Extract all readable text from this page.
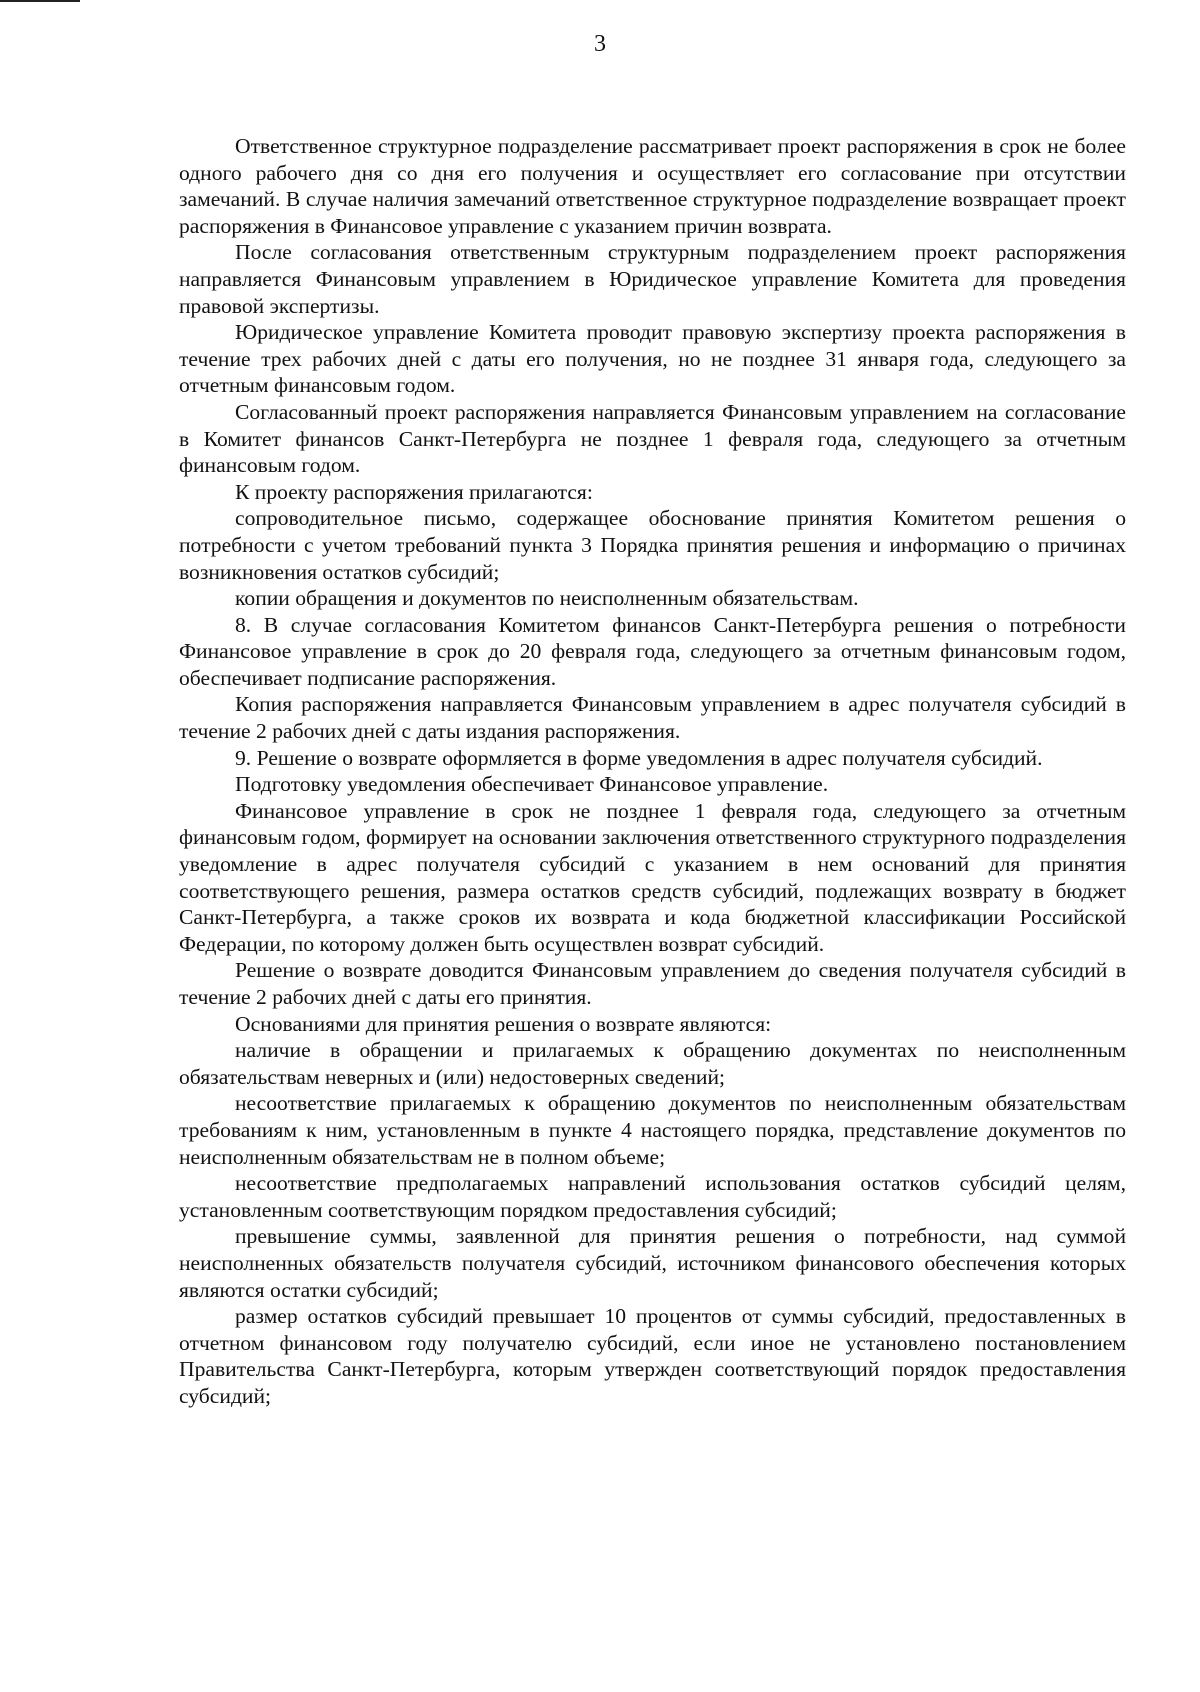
3

Ответственное структурное подразделение рассматривает проект распоряжения в срок не более одного рабочего дня со дня его получения и осуществляет его согласование при отсутствии замечаний. В случае наличия замечаний ответственное структурное подразделение возвращает проект распоряжения в Финансовое управление с указанием причин возврата.

После согласования ответственным структурным подразделением проект распоряжения направляется Финансовым управлением в Юридическое управление Комитета для проведения правовой экспертизы.

Юридическое управление Комитета проводит правовую экспертизу проекта распоряжения в течение трех рабочих дней с даты его получения, но не позднее 31 января года, следующего за отчетным финансовым годом.

Согласованный проект распоряжения направляется Финансовым управлением на согласование в Комитет финансов Санкт-Петербурга не позднее 1 февраля года, следующего за отчетным финансовым годом.

К проекту распоряжения прилагаются:

сопроводительное письмо, содержащее обоснование принятия Комитетом решения о потребности с учетом требований пункта 3 Порядка принятия решения и информацию о причинах возникновения остатков субсидий;

копии обращения и документов по неисполненным обязательствам.

8. В случае согласования Комитетом финансов Санкт-Петербурга решения о потребности Финансовое управление в срок до 20 февраля года, следующего за отчетным финансовым годом, обеспечивает подписание распоряжения.

Копия распоряжения направляется Финансовым управлением в адрес получателя субсидий в течение 2 рабочих дней с даты издания распоряжения.

9. Решение о возврате оформляется в форме уведомления в адрес получателя субсидий.

Подготовку уведомления обеспечивает Финансовое управление.

Финансовое управление в срок не позднее 1 февраля года, следующего за отчетным финансовым годом, формирует на основании заключения ответственного структурного подразделения уведомление в адрес получателя субсидий с указанием в нем оснований для принятия соответствующего решения, размера остатков средств субсидий, подлежащих возврату в бюджет Санкт-Петербурга, а также сроков их возврата и кода бюджетной классификации Российской Федерации, по которому должен быть осуществлен возврат субсидий.

Решение о возврате доводится Финансовым управлением до сведения получателя субсидий в течение 2 рабочих дней с даты его принятия.

Основаниями для принятия решения о возврате являются:

наличие в обращении и прилагаемых к обращению документах по неисполненным обязательствам неверных и (или) недостоверных сведений;

несоответствие прилагаемых к обращению документов по неисполненным обязательствам требованиям к ним, установленным в пункте 4 настоящего порядка, представление документов по неисполненным обязательствам не в полном объеме;

несоответствие предполагаемых направлений использования остатков субсидий целям, установленным соответствующим порядком предоставления субсидий;

превышение суммы, заявленной для принятия решения о потребности, над суммой неисполненных обязательств получателя субсидий, источником финансового обеспечения которых являются остатки субсидий;

размер остатков субсидий превышает 10 процентов от суммы субсидий, предоставленных в отчетном финансовом году получателю субсидий, если иное не установлено постановлением Правительства Санкт-Петербурга, которым утвержден соответствующий порядок предоставления субсидий;
